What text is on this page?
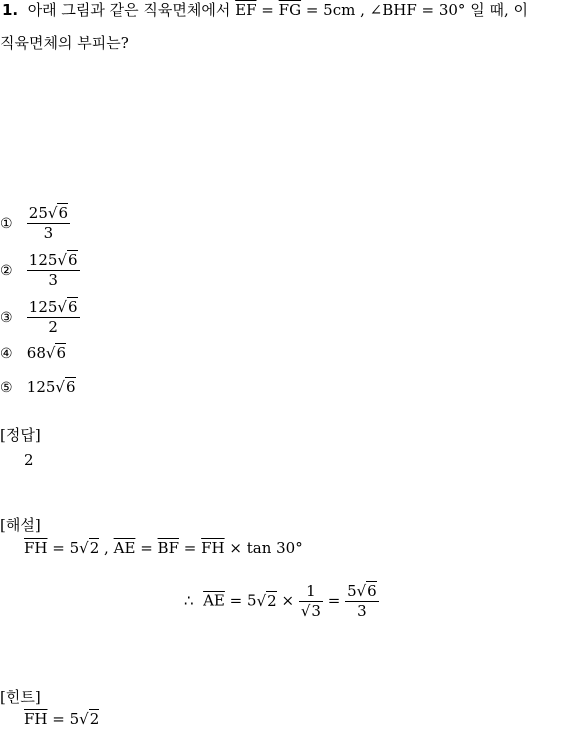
1. 아래 그림과 같은 직육면체에서 $\overline{EF} = \overline{FG} = 5cm$ , ∠BHF = 30° 일 때, 이
직육면체의 부피는?
① $\frac{25√6}{3}$
② $\frac{125√6}{3}$
③ $\frac{125√6}{2}$
④ 68√6
⑤ 125√6
[정답]
2
[해설]
$\overline{FH} = 5√2$ , $\overline{AE} = \overline{BF} = \overline{FH} \times \tan 30^\circ$
∴ $\overline{AE} = 5√2 \times \frac{1}{√3} = \frac{5√6}{3}$
[힌트]
$\overline{FH} = 5√2$
